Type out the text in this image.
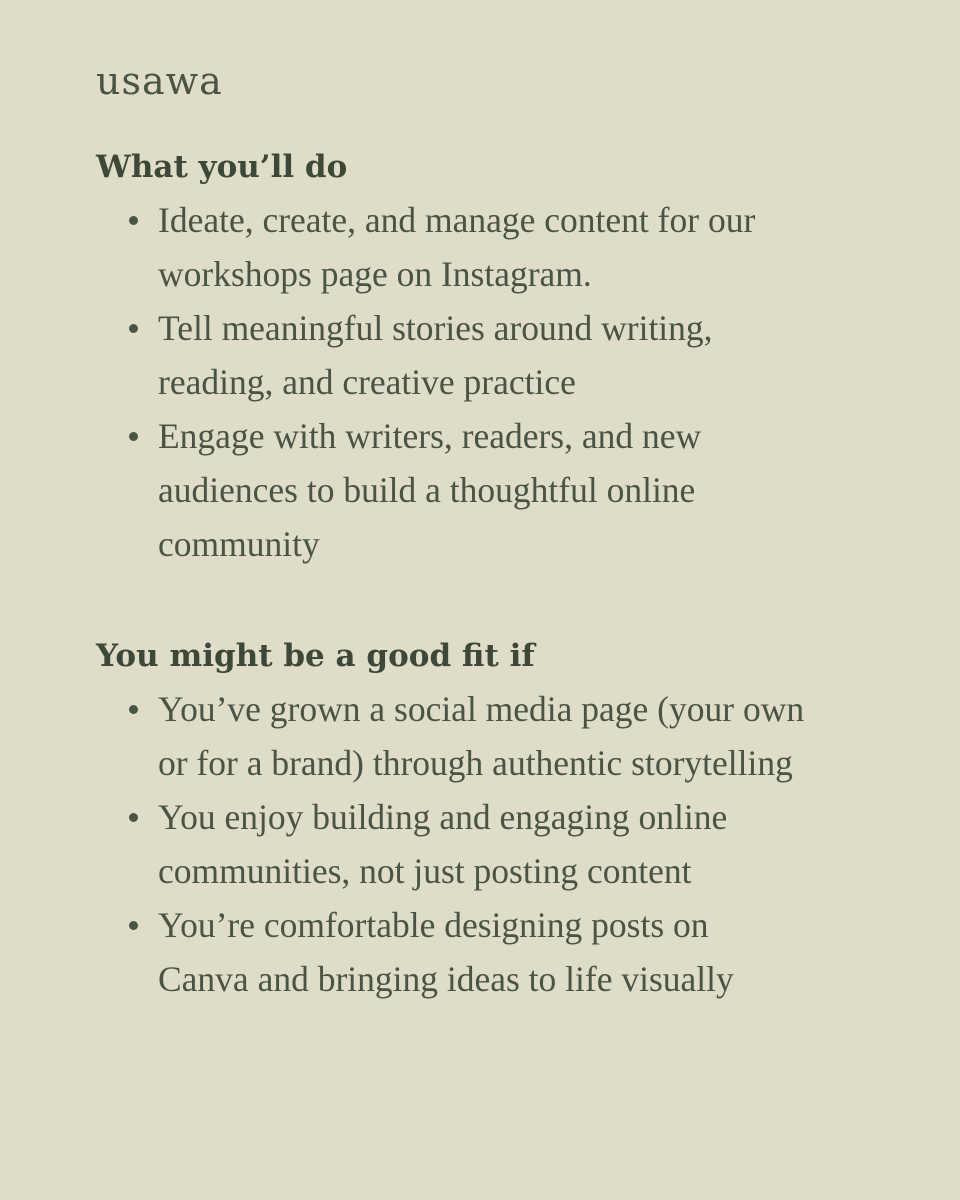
usawa
What you’ll do
Ideate, create, and manage content for our
workshops page on Instagram.
Tell meaningful stories around writing,
reading, and creative practice
Engage with writers, readers, and new
audiences to build a thoughtful online
community
You might be a good fit if
You’ve grown a social media page (your own
or for a brand) through authentic storytelling
You enjoy building and engaging online
communities, not just posting content
You’re comfortable designing posts on
Canva and bringing ideas to life visually
